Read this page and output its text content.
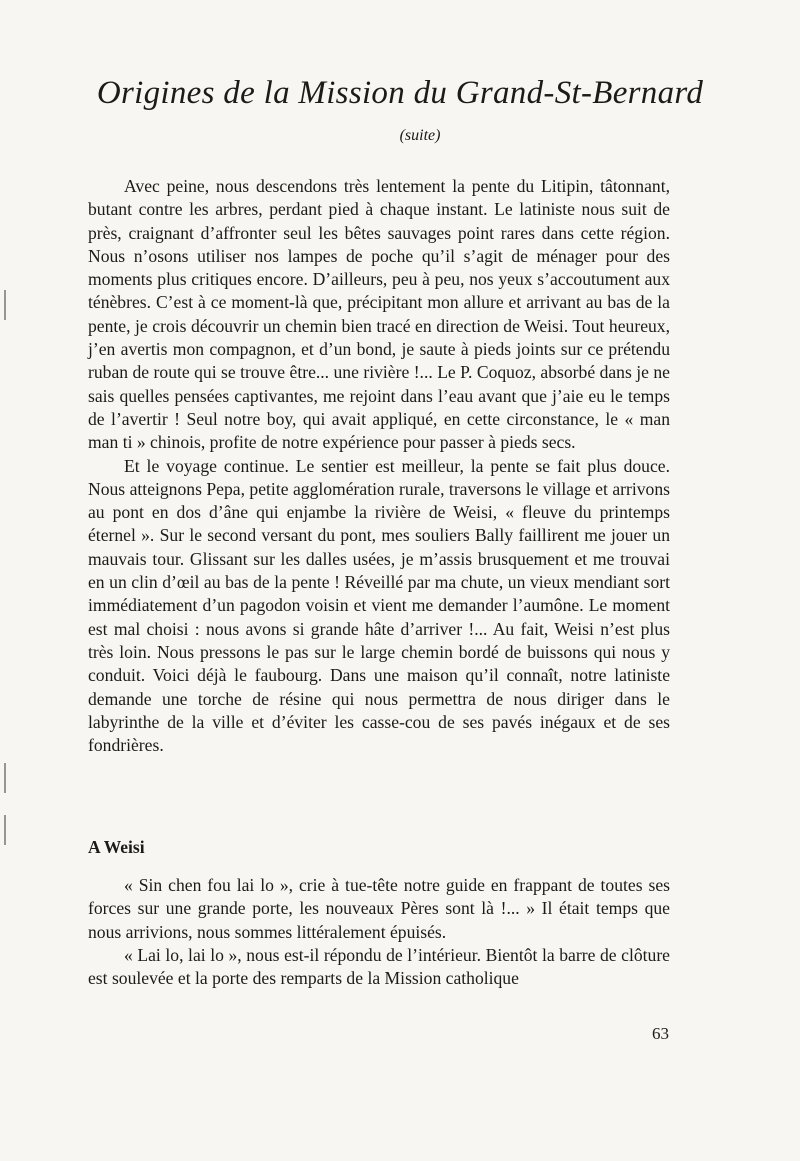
Origines de la Mission du Grand-St-Bernard

(suite)

Avec peine, nous descendons très lentement la pente du Litipin, tâtonnant, butant contre les arbres, perdant pied à chaque instant. Le latiniste nous suit de près, craignant d’affronter seul les bêtes sauvages point rares dans cette région. Nous n’osons utiliser nos lampes de poche qu’il s’agit de ménager pour des moments plus critiques encore. D’ailleurs, peu à peu, nos yeux s’accoutument aux ténèbres. C’est à ce moment-là que, précipitant mon allure et arrivant au bas de la pente, je crois découvrir un chemin bien tracé en direction de Weisi. Tout heureux, j’en avertis mon compagnon, et d’un bond, je saute à pieds joints sur ce prétendu ruban de route qui se trouve être... une rivière !... Le P. Coquoz, absorbé dans je ne sais quelles pensées captivantes, me rejoint dans l’eau avant que j’aie eu le temps de l’avertir ! Seul notre boy, qui avait appliqué, en cette circonstance, le « man man ti » chinois, profite de notre expérience pour passer à pieds secs.

Et le voyage continue. Le sentier est meilleur, la pente se fait plus douce. Nous atteignons Pepa, petite agglomération rurale, traversons le village et arrivons au pont en dos d’âne qui enjambe la rivière de Weisi, « fleuve du printemps éternel ». Sur le second versant du pont, mes souliers Bally faillirent me jouer un mauvais tour. Glissant sur les dalles usées, je m’assis brusquement et me trouvai en un clin d’œil au bas de la pente ! Réveillé par ma chute, un vieux mendiant sort immédiatement d’un pagodon voisin et vient me demander l’aumône. Le moment est mal choisi : nous avons si grande hâte d’arriver !... Au fait, Weisi n’est plus très loin. Nous pressons le pas sur le large chemin bordé de buissons qui nous y conduit. Voici déjà le faubourg. Dans une maison qu’il connaît, notre latiniste demande une torche de résine qui nous permettra de nous diriger dans le labyrinthe de la ville et d’éviter les casse-cou de ses pavés inégaux et de ses fondrières.

A Weisi

« Sin chen fou lai lo », crie à tue-tête notre guide en frappant de toutes ses forces sur une grande porte, les nouveaux Pères sont là !... » Il était temps que nous arrivions, nous sommes littéralement épuisés.

« Lai lo, lai lo », nous est-il répondu de l’intérieur. Bientôt la barre de clôture est soulevée et la porte des remparts de la Mission catholique

63
